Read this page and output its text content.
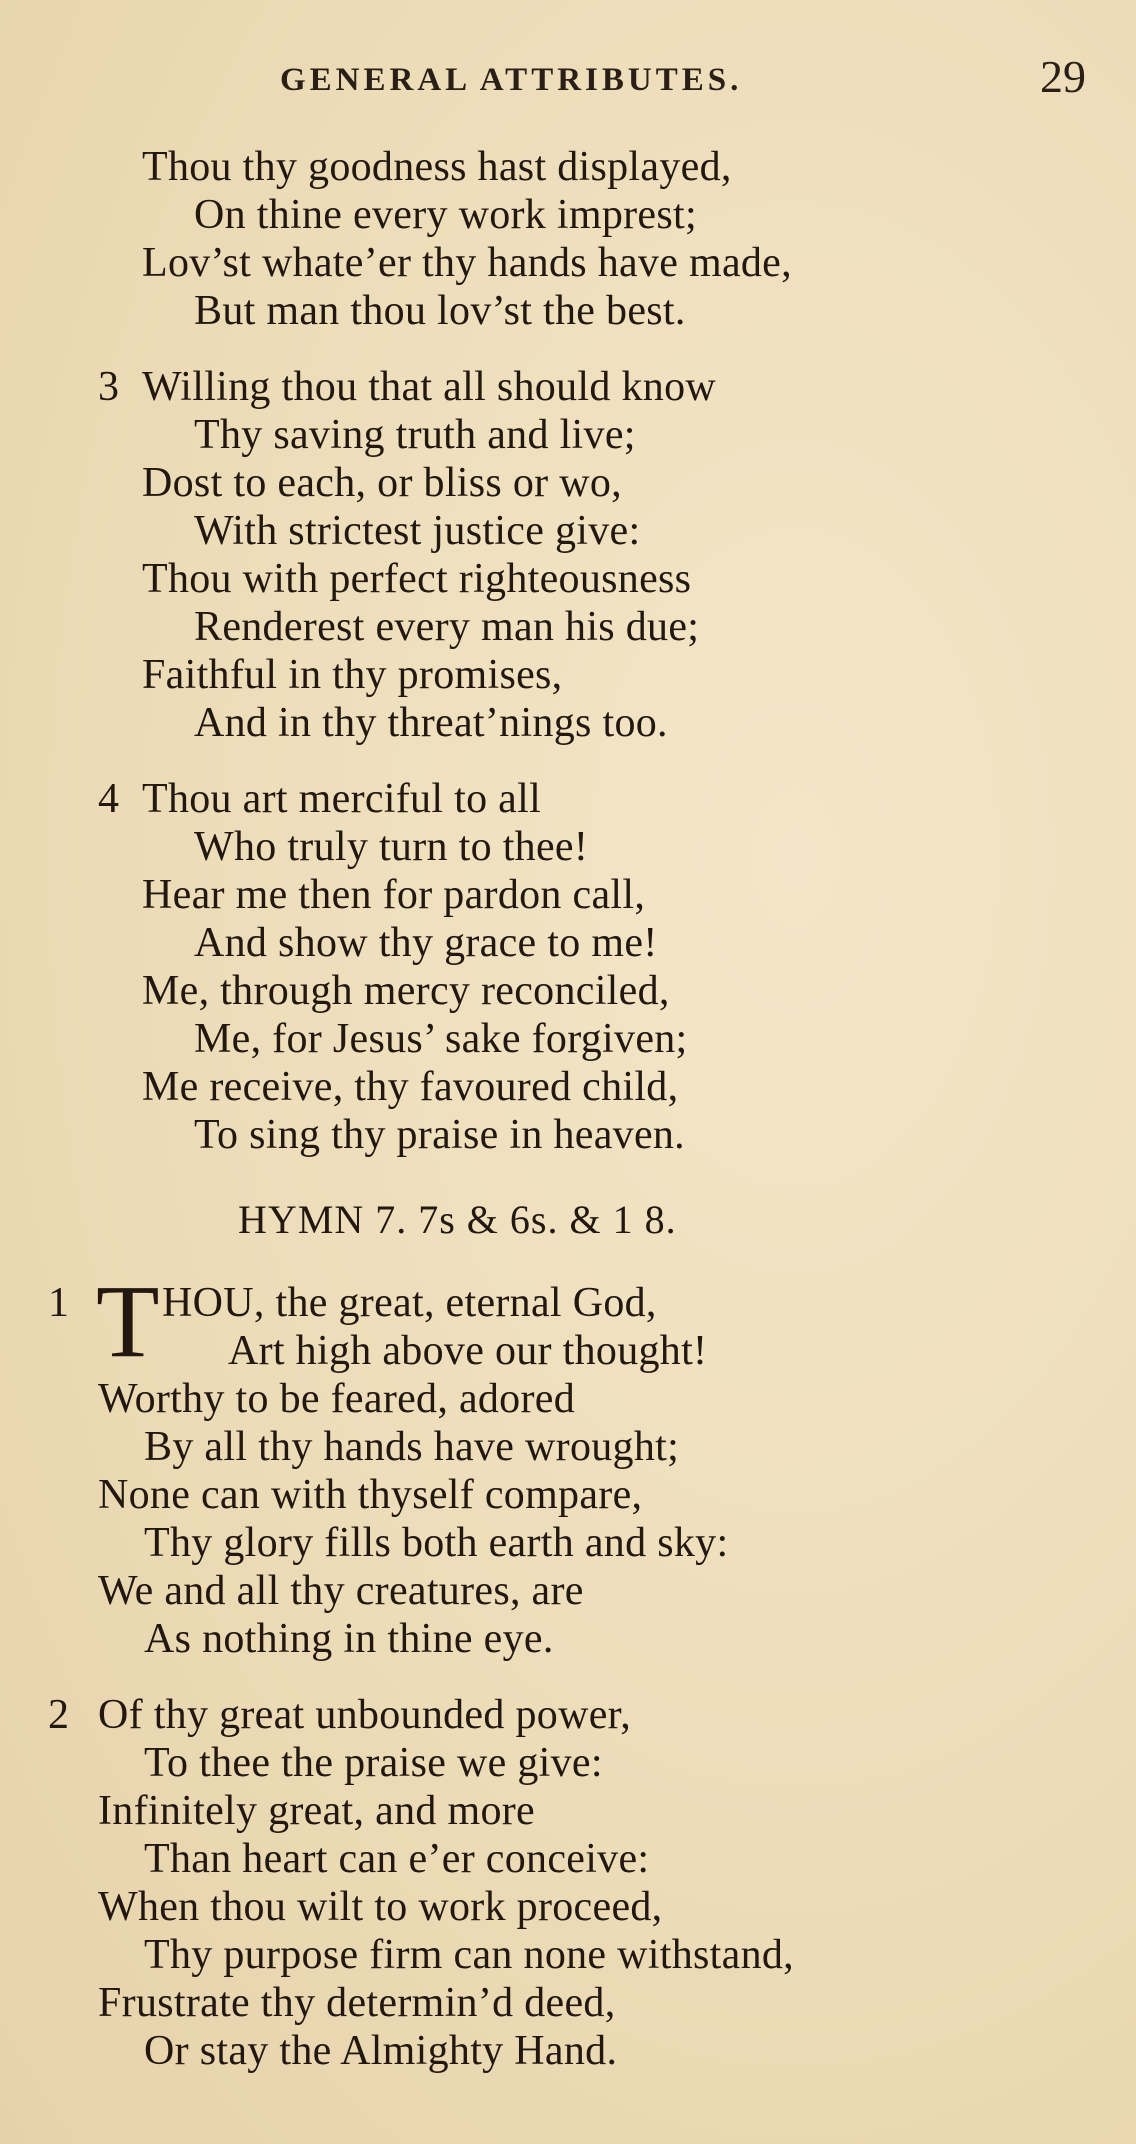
GENERAL ATTRIBUTES.	29
Thou thy goodness hast displayed,
On thine every work imprest;
Lov’st whate’er thy hands have made,
But man thou lov’st the best.
3 Willing thou that all should know
Thy saving truth and live;
Dost to each, or bliss or wo,
With strictest justice give:
Thou with perfect righteousness
Renderest every man his due;
Faithful in thy promises,
And in thy threat’nings too.
4 Thou art merciful to all
Who truly turn to thee!
Hear me then for pardon call,
And show thy grace to me!
Me, through mercy reconciled,
Me, for Jesus’ sake forgiven;
Me receive, thy favoured child,
To sing thy praise in heaven.
HYMN 7. 7s & 6s. & 1 8.
1 T HOU, the great, eternal God,
Art high above our thought!
Worthy to be feared, adored
By all thy hands have wrought;
None can with thyself compare,
Thy glory fills both earth and sky:
We and all thy creatures, are
As nothing in thine eye.
2 Of thy great unbounded power,
To thee the praise we give:
Infinitely great, and more
Than heart can e’er conceive:
When thou wilt to work proceed,
Thy purpose firm can none withstand,
Frustrate thy determin’d deed,
Or stay the Almighty Hand.
